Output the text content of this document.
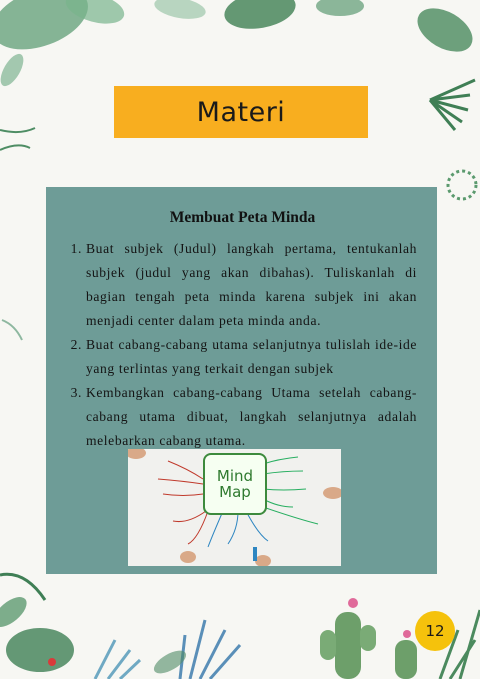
Materi
Membuat Peta Minda
1. Buat subjek (Judul) langkah pertama, tentukanlah subjek (judul yang akan dibahas). Tuliskanlah di bagian tengah peta minda karena subjek ini akan menjadi center dalam peta minda anda.
2. Buat cabang-cabang utama selanjutnya tulislah ide-ide yang terlintas yang terkait dengan subjek
3. Kembangkan cabang-cabang Utama setelah cabang-cabang utama dibuat, langkah selanjutnya adalah melebarkan cabang utama.
Mind
Map
12
